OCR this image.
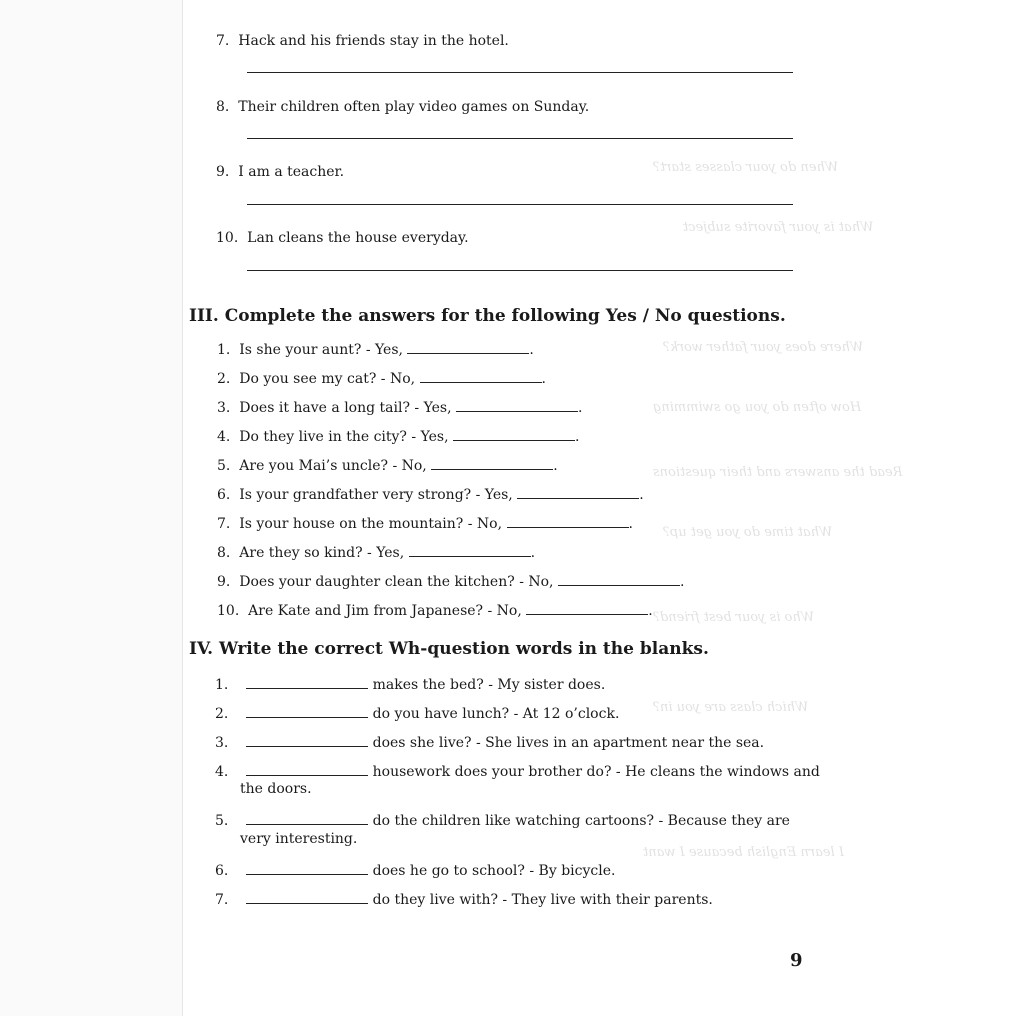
When do your classes start?
What is your favorite subject
Where does your father work?
How often do you go swimming
Read the answers and their questions
What time do you get up?
Who is your best friend?
Which class are you in?
I learn English because I want
7. Hack and his friends stay in the hotel.
8. Their children often play video games on Sunday.
9. I am a teacher.
10. Lan cleans the house everyday.
III. Complete the answers for the following Yes / No questions.
1. Is she your aunt? - Yes,	.
2. Do you see my cat? - No,	.
3. Does it have a long tail? - Yes,	.
4. Do they live in the city? - Yes,	.
5. Are you Mai’s uncle? - No,	.
6. Is your grandfather very strong? - Yes,	.
7. Is your house on the mountain? - No,	.
8. Are they so kind? - Yes,	.
9. Does your daughter clean the kitchen? - No,	.
10. Are Kate and Jim from Japanese? - No,	.
IV. Write the correct Wh-question words in the blanks.
1.	makes the bed? - My sister does.
2.	do you have lunch? - At 12 o’clock.
3.	does she live? - She lives in an apartment near the sea.
4.	housework does your brother do? - He cleans the windows and
the doors.
5.	do the children like watching cartoons? - Because they are
very interesting.
6.	does he go to school? - By bicycle.
7.	do they live with? - They live with their parents.
9
